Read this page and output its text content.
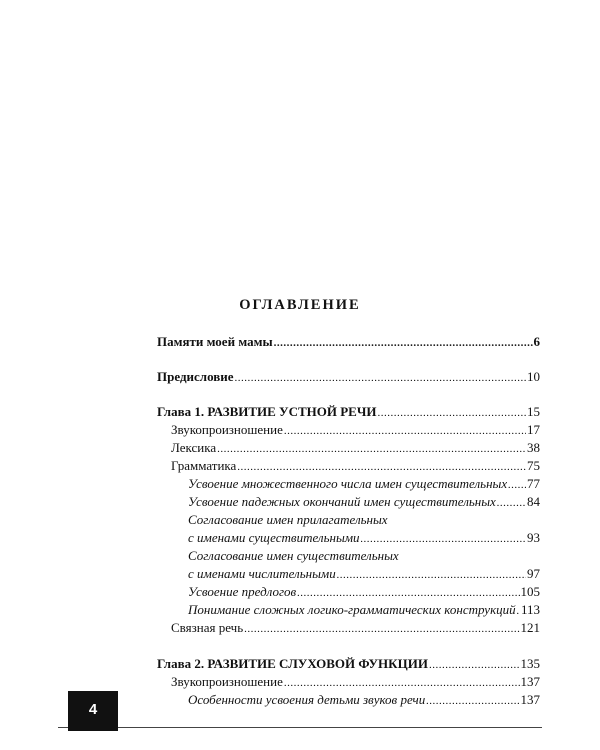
ОГЛАВЛЕНИЕ
Памяти моей мамы .....	6
Предисловие .....	10
Глава 1. РАЗВИТИЕ УСТНОЙ РЕЧИ .....	15
Звукопроизношение .....	17
Лексика .....	38
Грамматика .....	75
Усвоение множественного числа имен существительных ..... 77
Усвоение падежных окончаний имен существительных ..... 84
Согласование имен прилагательных
с именами существительными .....	93
Согласование имен существительных
с именами числительными .....	97
Усвоение предлогов .....	105
Понимание сложных логико-грамматических конструкций ..... 113
Связная речь .....	121
Глава 2. РАЗВИТИЕ СЛУХОВОЙ ФУНКЦИИ .....	135
Звукопроизношение .....	137
Особенности усвоения детьми звуков речи .....	137
4
